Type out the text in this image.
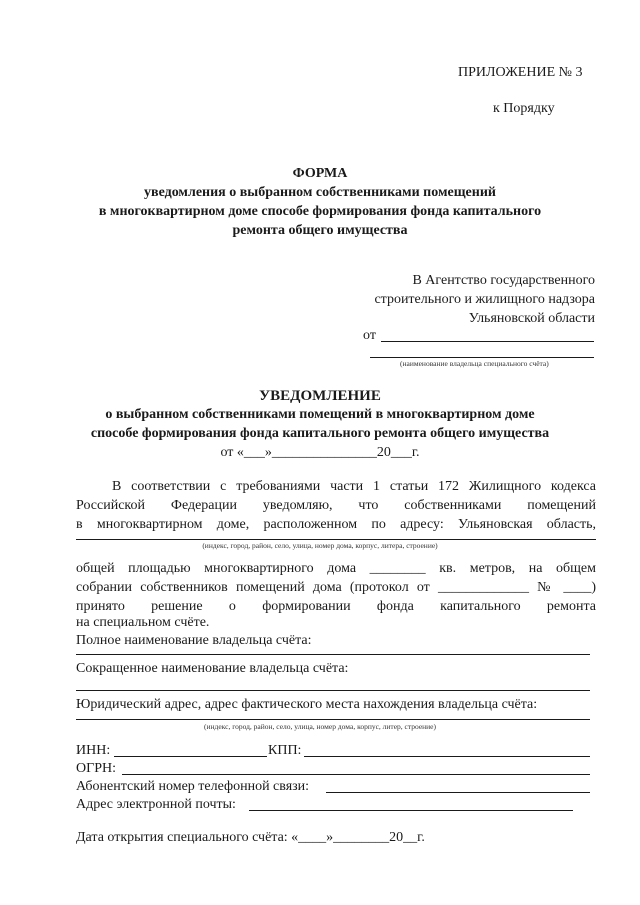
ПРИЛОЖЕНИЕ № 3
к Порядку
ФОРМА
уведомления о выбранном собственниками помещений
в многоквартирном доме способе формирования фонда капитального
ремонта общего имущества
В Агентство государственного
строительного и жилищного надзора
Ульяновской области
от
(наименование владельца специального счёта)
УВЕДОМЛЕНИЕ
о выбранном собственниками помещений в многоквартирном доме
способе формирования фонда капитального ремонта общего имущества
от «___»_______________20___г.
В соответствии с требованиями части 1 статьи 172 Жилищного кодекса
Российской Федерации уведомляю, что собственниками помещений
в многоквартирном доме, расположенном по адресу: Ульяновская область,
(индекс, город, район, село, улица, номер дома, корпус, литера, строение)
общей площадью многоквартирного дома ________ кв. метров, на общем
собрании собственников помещений дома (протокол от _____________ № ____)
принято решение о формировании фонда капитального ремонта
на специальном счёте.
Полное наименование владельца счёта:
Сокращенное наименование владельца счёта:
Юридический адрес, адрес фактического места нахождения владельца счёта:
(индекс, город, район, село, улица, номер дома, корпус, литер, строение)
ИНН:	КПП:
ОГРН:
Абонентский номер телефонной связи:
Адрес электронной почты:
Дата открытия специального счёта: «____»________20__г.
